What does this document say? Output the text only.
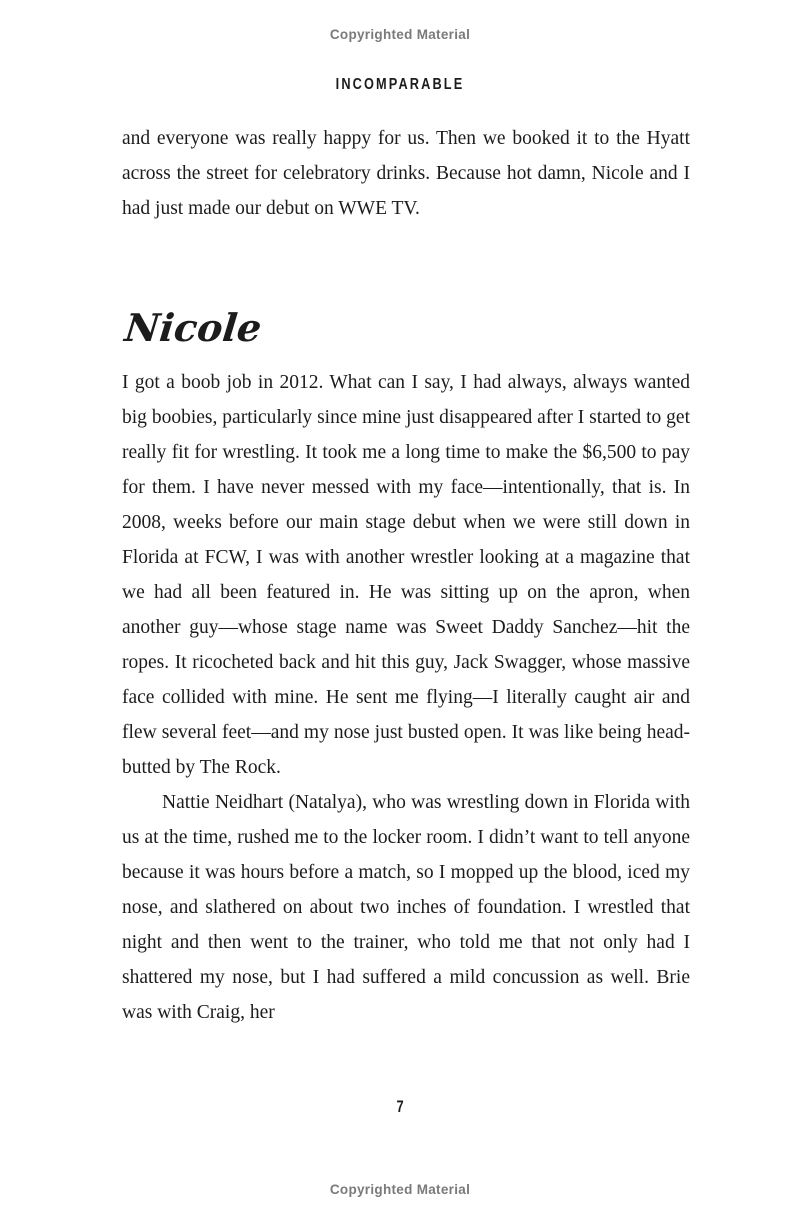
Copyrighted Material
INCOMPARABLE

and everyone was really happy for us. Then we booked it to the Hyatt across the street for celebratory drinks. Because hot damn, Nicole and I had just made our debut on WWE TV.

Nicole

I got a boob job in 2012. What can I say, I had always, always wanted big boobies, particularly since mine just disappeared after I started to get really fit for wrestling. It took me a long time to make the $6,500 to pay for them. I have never messed with my face—intentionally, that is. In 2008, weeks before our main stage debut when we were still down in Florida at FCW, I was with another wrestler looking at a magazine that we had all been featured in. He was sitting up on the apron, when another guy—whose stage name was Sweet Daddy Sanchez—hit the ropes. It ricocheted back and hit this guy, Jack Swagger, whose massive face collided with mine. He sent me flying—I literally caught air and flew several feet—and my nose just busted open. It was like being head-butted by The Rock.

Nattie Neidhart (Natalya), who was wrestling down in Florida with us at the time, rushed me to the locker room. I didn’t want to tell anyone because it was hours before a match, so I mopped up the blood, iced my nose, and slathered on about two inches of foundation. I wrestled that night and then went to the trainer, who told me that not only had I shattered my nose, but I had suffered a mild concussion as well. Brie was with Craig, her

7
Copyrighted Material
